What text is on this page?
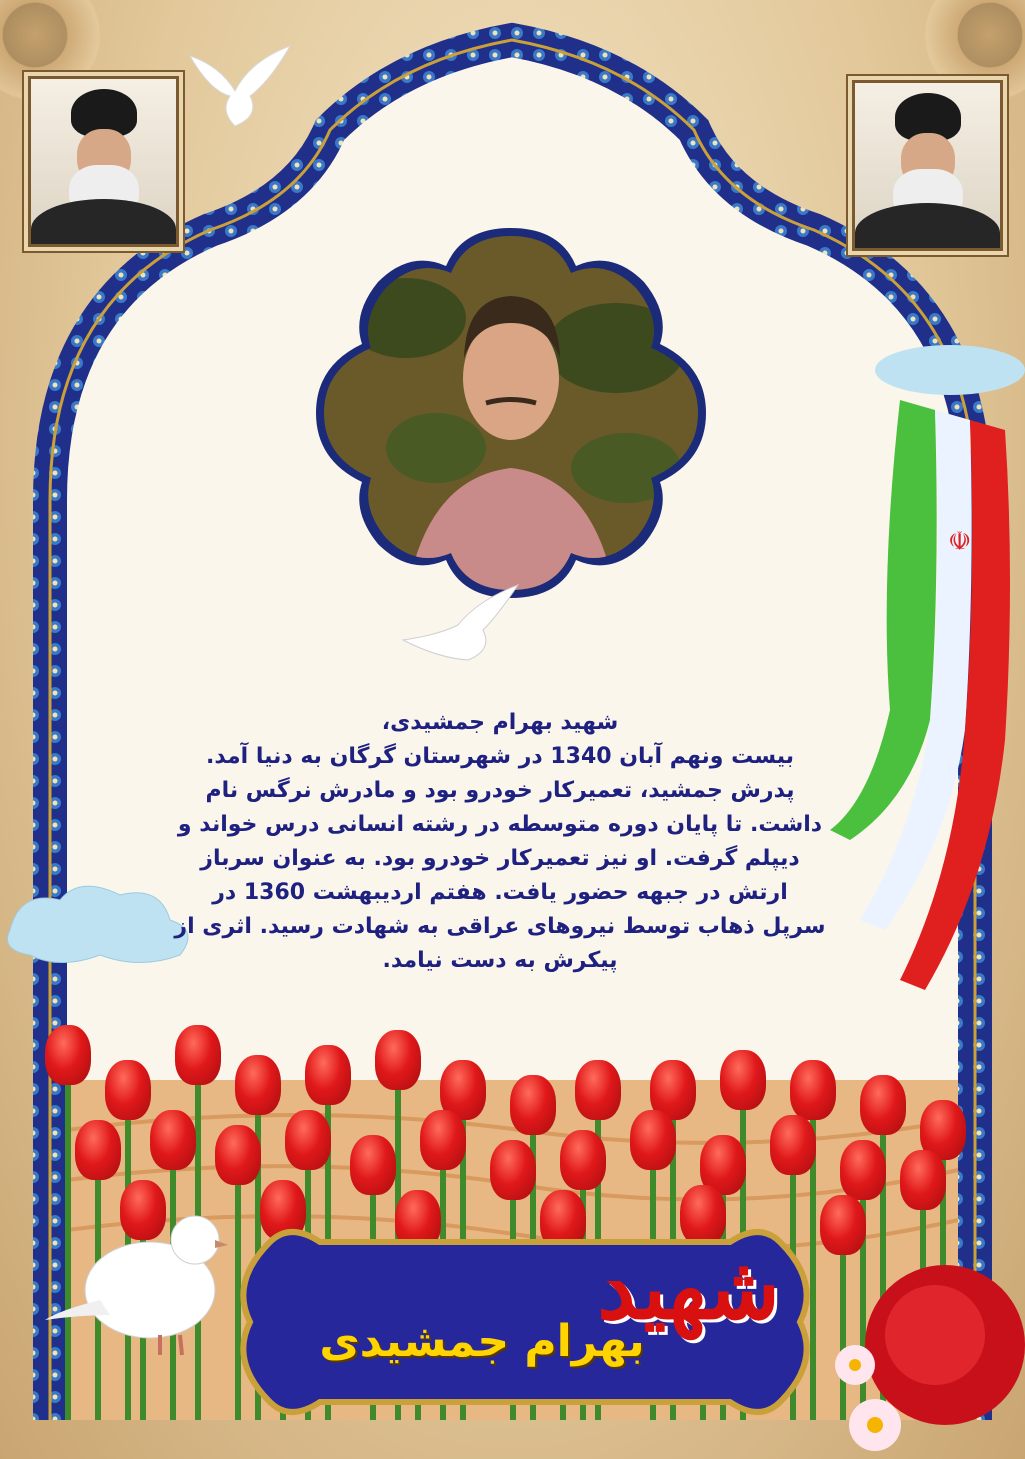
☫

شهید بهرام جمشیدی،

بیست ونهم آبان 1340 در شهرستان گرگان به دنیا آمد.

پدرش جمشید، تعمیرکار خودرو بود و مادرش نرگس نام

داشت. تا پایان دوره متوسطه در رشته انسانی درس خواند و

دیپلم گرفت. او نیز تعمیرکار خودرو بود. به عنوان سرباز

ارتش در جبهه حضور یافت. هفتم اردیبهشت 1360 در

سرپل ذهاب توسط نیروهای عراقی به شهادت رسید. اثری از

پیکرش به دست نیامد.

شهید
بهرام جمشیدی
